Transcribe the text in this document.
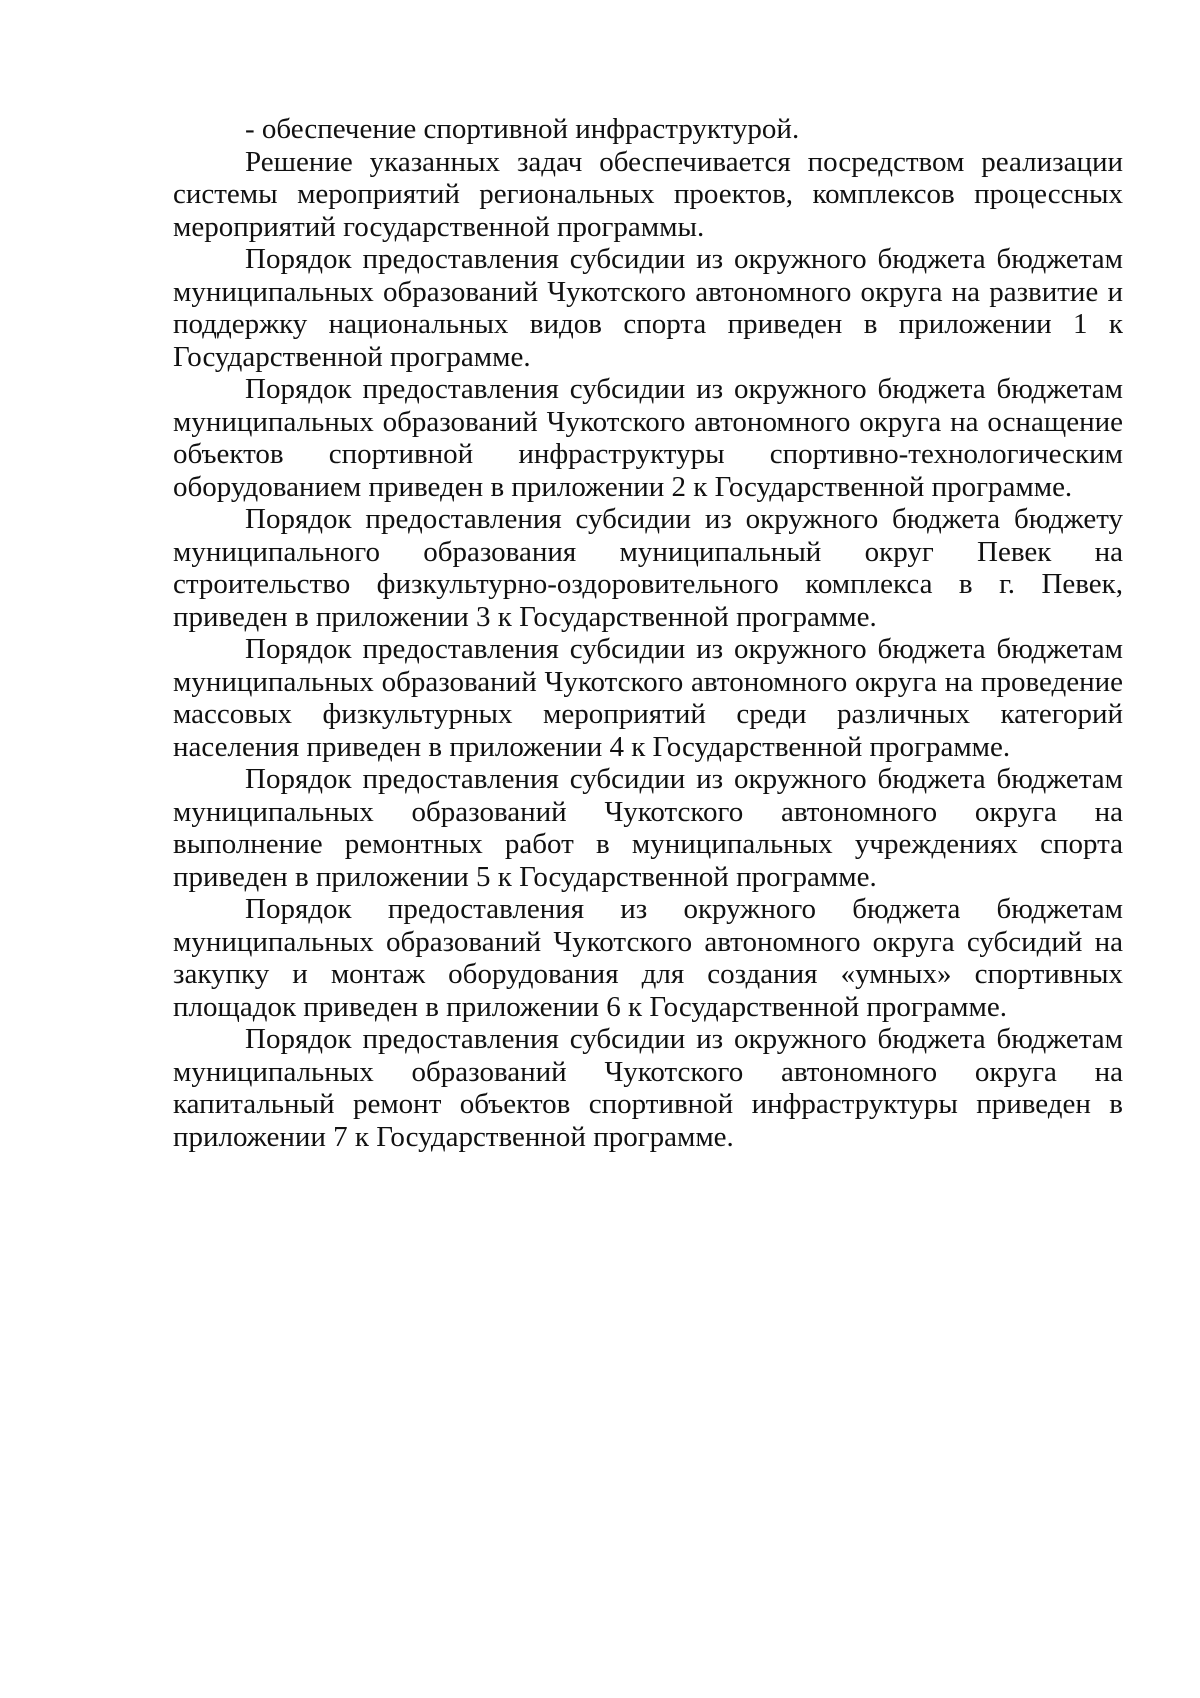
- обеспечение спортивной инфраструктурой.

Решение указанных задач обеспечивается посредством реализации системы мероприятий региональных проектов, комплексов процессных мероприятий государственной программы.

Порядок предоставления субсидии из окружного бюджета бюджетам муниципальных образований Чукотского автономного округа на развитие и поддержку национальных видов спорта приведен в приложении 1 к Государственной программе.

Порядок предоставления субсидии из окружного бюджета бюджетам муниципальных образований Чукотского автономного округа на оснащение объектов спортивной инфраструктуры спортивно-технологическим оборудованием приведен в приложении 2 к Государственной программе.

Порядок предоставления субсидии из окружного бюджета бюджету муниципального образования муниципальный округ Певек на строительство физкультурно-оздоровительного комплекса в г. Певек, приведен в приложении 3 к Государственной программе.

Порядок предоставления субсидии из окружного бюджета бюджетам муниципальных образований Чукотского автономного округа на проведение массовых физкультурных мероприятий среди различных категорий населения приведен в приложении 4 к Государственной программе.

Порядок предоставления субсидии из окружного бюджета бюджетам муниципальных образований Чукотского автономного округа на выполнение ремонтных работ в муниципальных учреждениях спорта приведен в приложении 5 к Государственной программе.

Порядок предоставления из окружного бюджета бюджетам муниципальных образований Чукотского автономного округа субсидий на закупку и монтаж оборудования для создания «умных» спортивных площадок приведен в приложении 6 к Государственной программе.

Порядок предоставления субсидии из окружного бюджета бюджетам муниципальных образований Чукотского автономного округа на капитальный ремонт объектов спортивной инфраструктуры приведен в приложении 7 к Государственной программе.
